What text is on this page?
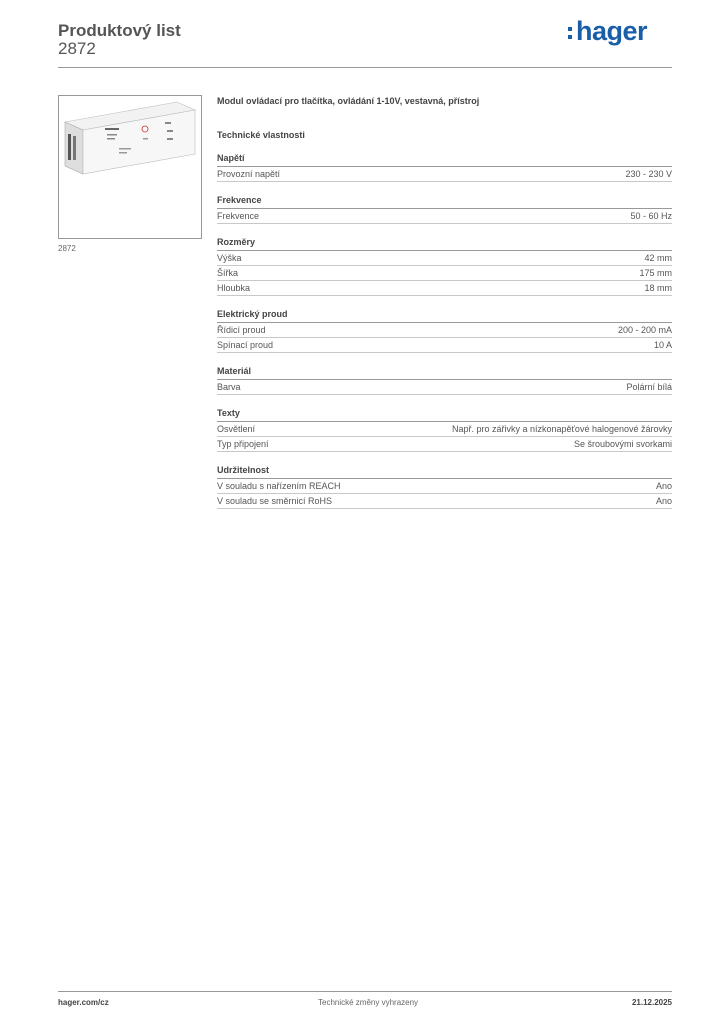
Produktový list
2872
hager
2872
Modul ovládací pro tlačítka, ovládání 1-10V, vestavná, přístroj
Technické vlastnosti
Napětí
Provozní napětí	230 - 230 V
Frekvence
Frekvence	50 - 60 Hz
Rozměry
Výška	42 mm
Šířka	175 mm
Hloubka	18 mm
Elektrický proud
Řídicí proud	200 - 200 mA
Spínací proud	10 A
Materiál
Barva	Polární bílá
Texty
Osvětlení	Např. pro zářivky a nízkonapěťové halogenové žárovky
Typ připojení	Se šroubovými svorkami
Udržitelnost
V souladu s nařízením REACH	Ano
V souladu se směrnicí RoHS	Ano
hager.com/cz	Technické změny vyhrazeny	21.12.2025
